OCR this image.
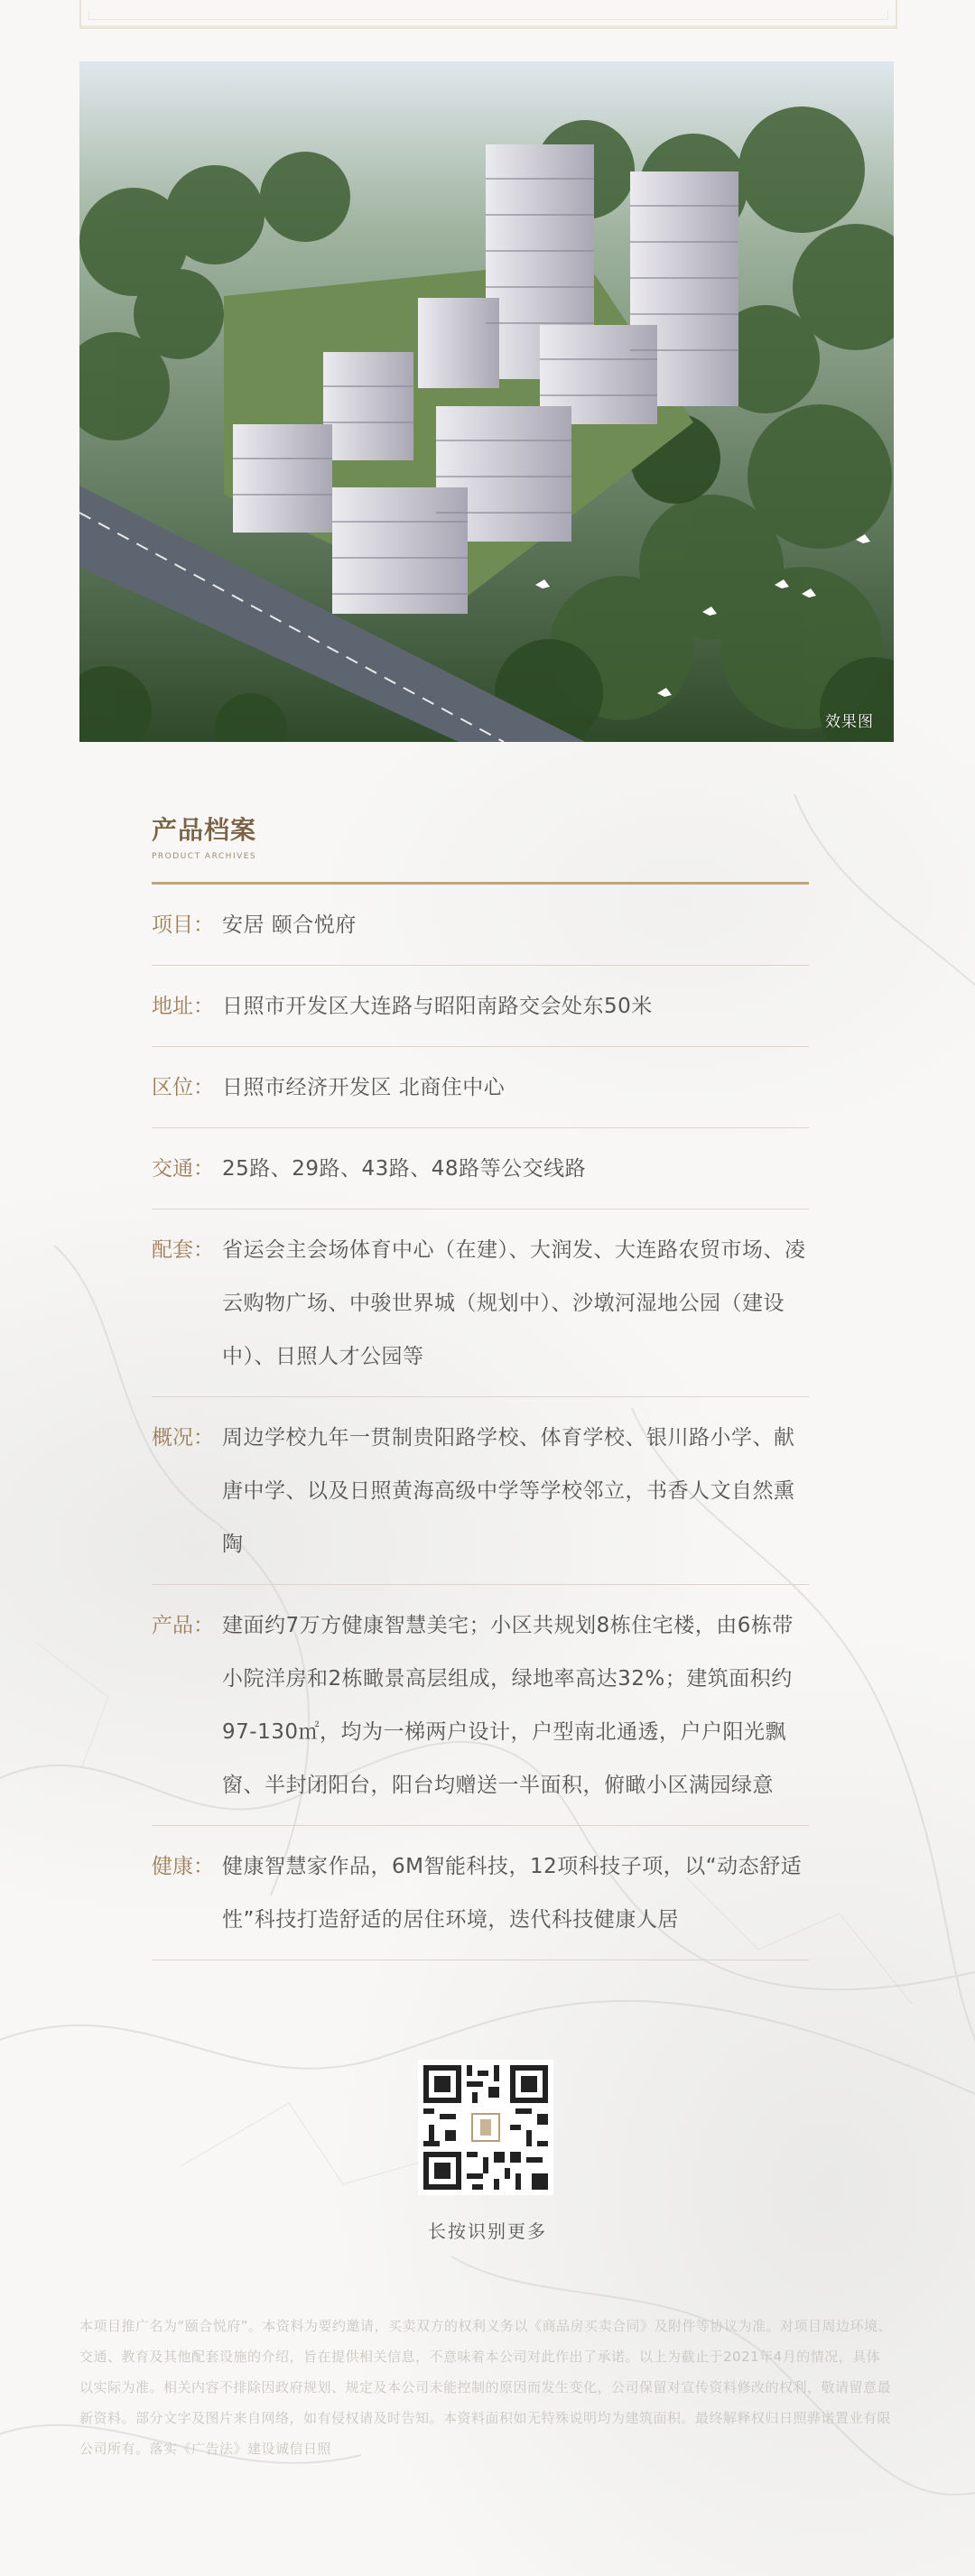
效果图
产品档案
PRODUCT ARCHIVES
项目： 安居 颐合悦府
地址： 日照市开发区大连路与昭阳南路交会处东50米
区位： 日照市经济开发区 北商住中心
交通： 25路、29路、43路、48路等公交线路
配套： 省运会主会场体育中心（在建）、大润发、大连路农贸市场、凌云购物广场、中骏世界城（规划中）、沙墩河湿地公园（建设中）、日照人才公园等
概况： 周边学校九年一贯制贵阳路学校、体育学校、银川路小学、献唐中学、以及日照黄海高级中学等学校邻立，书香人文自然熏陶
产品： 建面约7万方健康智慧美宅；小区共规划8栋住宅楼，由6栋带小院洋房和2栋瞰景高层组成，绿地率高达32%；建筑面积约97-130㎡，均为一梯两户设计，户型南北通透，户户阳光飘窗、半封闭阳台，阳台均赠送一半面积，俯瞰小区满园绿意
健康： 健康智慧家作品，6M智能科技，12项科技子项，以“动态舒适性”科技打造舒适的居住环境，迭代科技健康人居
长按识别更多
本项目推广名为“颐合悦府”。本资料为要约邀请，买卖双方的权利义务以《商品房买卖合同》及附件等协议为准。对项目周边环境、交通、教育及其他配套设施的介绍，旨在提供相关信息，不意味着本公司对此作出了承诺。以上为截止于2021年4月的情况，具体以实际为准。相关内容不排除因政府规划、规定及本公司未能控制的原因而发生变化，公司保留对宣传资料修改的权利，敬请留意最新资料。部分文字及图片来自网络，如有侵权请及时告知。本资料面积如无特殊说明均为建筑面积。最终解释权归日照骅诺置业有限公司所有。落实《广告法》建设诚信日照
